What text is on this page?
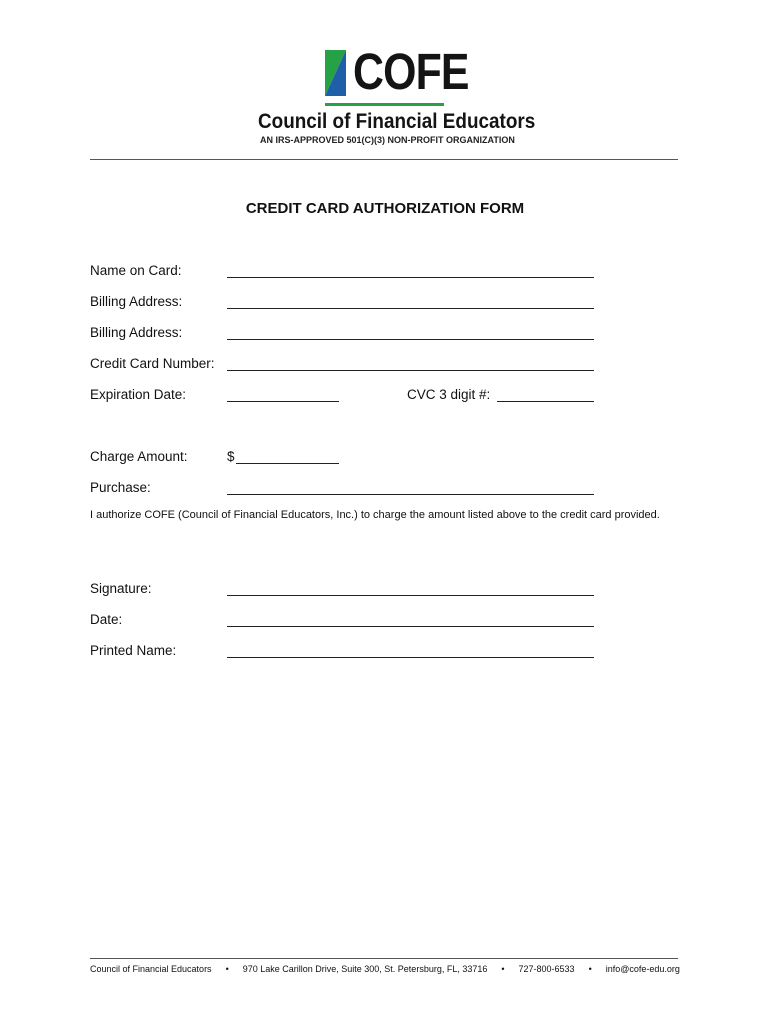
COFE
Council of Financial Educators
AN IRS-APPROVED 501(C)(3) NON-PROFIT ORGANIZATION
CREDIT CARD AUTHORIZATION FORM
Name on Card:
Billing Address:
Billing Address:
Credit Card Number:
Expiration Date:	CVC 3 digit #:
Charge Amount:	$
Purchase:
I authorize COFE (Council of Financial Educators, Inc.) to charge the amount listed above to the credit card provided.
Signature:
Date:
Printed Name:
Council of Financial Educators • 970 Lake Carillon Drive, Suite 300, St. Petersburg, FL, 33716 • 727-800-6533 • info@cofe-edu.org
